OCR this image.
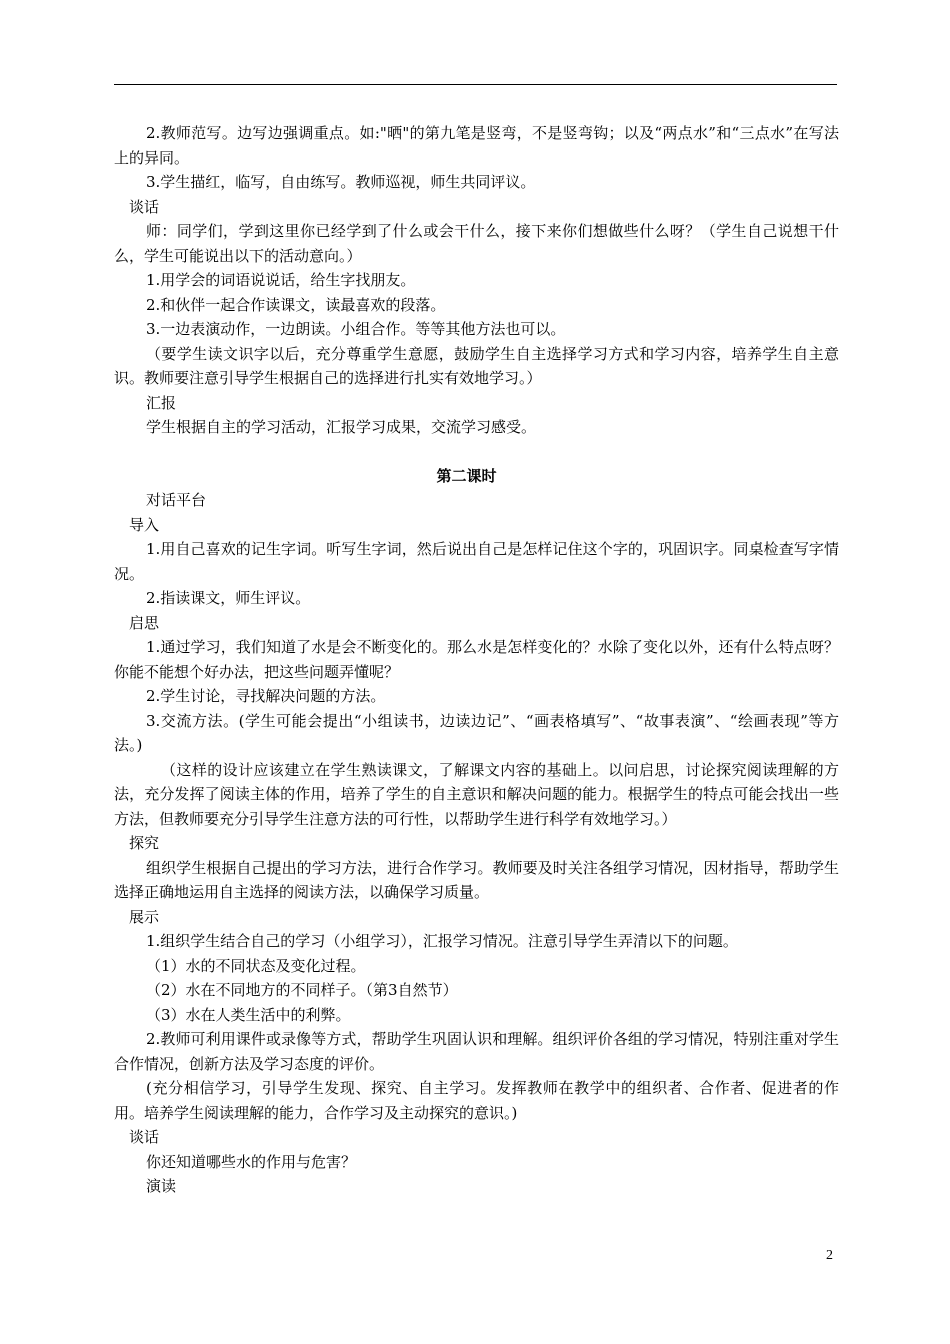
2.教师范写。边写边强调重点。如:"晒"的第九笔是竖弯，不是竖弯钩；以及“两点水”和“三点水”在写法上的异同。

3.学生描红，临写，自由练写。教师巡视，师生共同评议。

谈话

师：同学们，学到这里你已经学到了什么或会干什么，接下来你们想做些什么呀？（学生自己说想干什么，学生可能说出以下的活动意向。）

1.用学会的词语说说话，给生字找朋友。

2.和伙伴一起合作读课文，读最喜欢的段落。

3.一边表演动作，一边朗读。小组合作。等等其他方法也可以。

（要学生读文识字以后，充分尊重学生意愿，鼓励学生自主选择学习方式和学习内容，培养学生自主意识。教师要注意引导学生根据自己的选择进行扎实有效地学习。）

汇报

学生根据自主的学习活动，汇报学习成果，交流学习感受。

第二课时

对话平台

导入

1.用自己喜欢的记生字词。听写生字词，然后说出自己是怎样记住这个字的，巩固识字。同桌检查写字情况。

2.指读课文，师生评议。

启思

1.通过学习，我们知道了水是会不断变化的。那么水是怎样变化的？水除了变化以外，还有什么特点呀？你能不能想个好办法，把这些问题弄懂呢？

2.学生讨论，寻找解决问题的方法。

3.交流方法。(学生可能会提出“小组读书，边读边记”、“画表格填写”、“故事表演”、“绘画表现”等方法。)

（这样的设计应该建立在学生熟读课文，了解课文内容的基础上。以问启思，讨论探究阅读理解的方法，充分发挥了阅读主体的作用，培养了学生的自主意识和解决问题的能力。根据学生的特点可能会找出一些方法，但教师要充分引导学生注意方法的可行性，以帮助学生进行科学有效地学习。）

探究

组织学生根据自己提出的学习方法，进行合作学习。教师要及时关注各组学习情况，因材指导，帮助学生选择正确地运用自主选择的阅读方法，以确保学习质量。

展示

1.组织学生结合自己的学习（小组学习），汇报学习情况。注意引导学生弄清以下的问题。

（1）水的不同状态及变化过程。

（2）水在不同地方的不同样子。（第3自然节）

（3）水在人类生活中的利弊。

2.教师可利用课件或录像等方式，帮助学生巩固认识和理解。组织评价各组的学习情况，特别注重对学生合作情况，创新方法及学习态度的评价。

(充分相信学习，引导学生发现、探究、自主学习。发挥教师在教学中的组织者、合作者、促进者的作用。培养学生阅读理解的能力，合作学习及主动探究的意识。)

谈话

你还知道哪些水的作用与危害？

演读

2
